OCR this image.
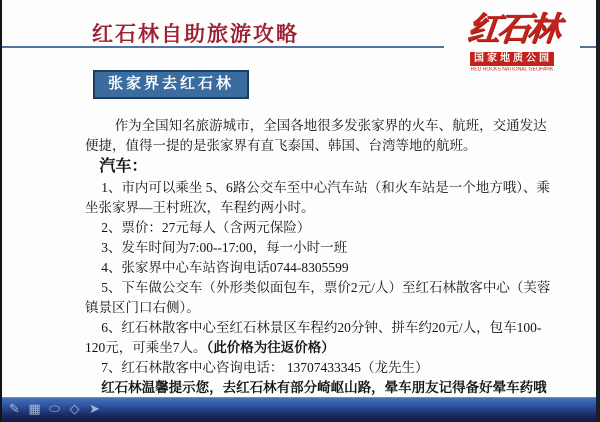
红石林自助旅游攻略	红石林
国家地质公园
RED ROCKS NATIONAL GEOPARK
张家界去红石林

作为全国知名旅游城市，全国各地很多发张家界的火车、航班，交通发达便捷，值得一提的是张家界有直飞泰国、韩国、台湾等地的航班。

汽车：

1、市内可以乘坐 5、6路公交车至中心汽车站（和火车站是一个地方哦）、乘坐张家界—王村班次，车程约两小时。

2、票价：27元每人（含两元保险）

3、发车时间为7:00--17:00，每一小时一班

4、张家界中心车站咨询电话0744-8305599

5、下车做公交车（外形类似面包车，票价2元/人）至红石林散客中心（芙蓉镇景区门口右侧）。

6、红石林散客中心至红石林景区车程约20分钟、拼车约20元/人，包车100-120元，可乘坐7人。（此价格为往返价格）

7、红石林散客中心咨询电话： 13707433345（龙先生）

红石林温馨提示您，去红石林有部分崎岖山路，晕车朋友记得备好晕车药哦

✎ ▦ ⬭ ◇ ➤
